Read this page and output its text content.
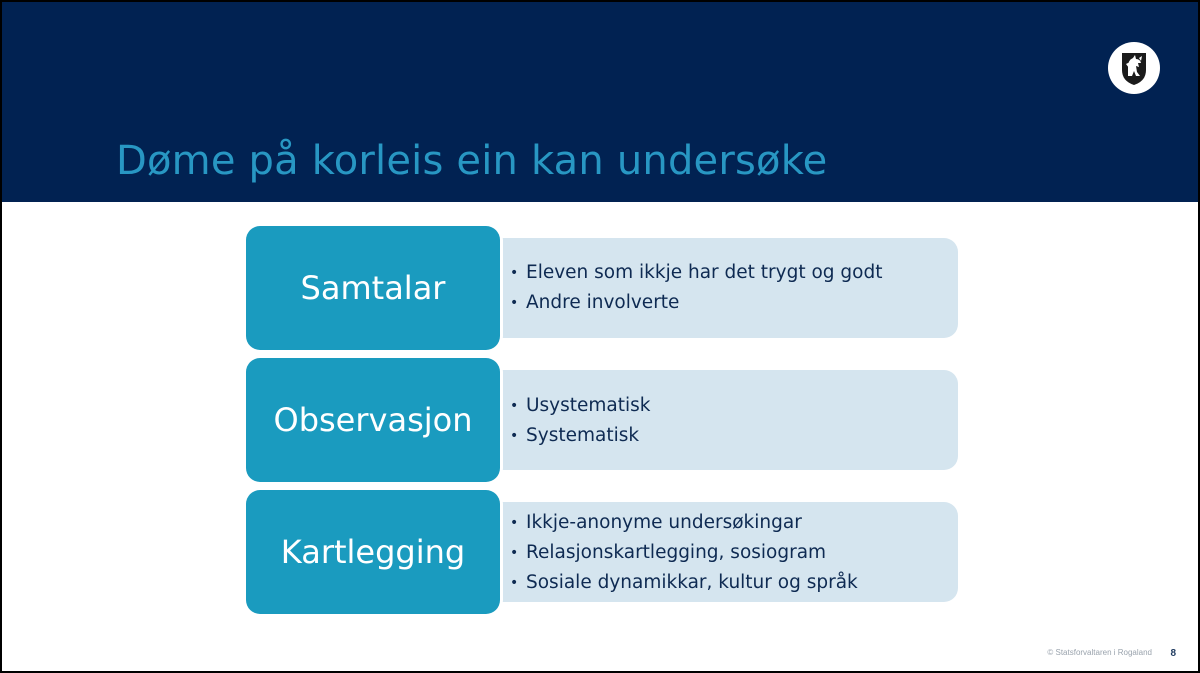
Døme på korleis ein kan undersøke
Samtalar	• Eleven som ikkje har det trygt og godt
• Andre involverte
Observasjon	• Usystematisk
• Systematisk
Kartlegging
• Ikkje-anonyme undersøkingar
• Relasjonskartlegging, sosiogram
• Sosiale dynamikkar, kultur og språk
© Statsforvaltaren i Rogaland 8
